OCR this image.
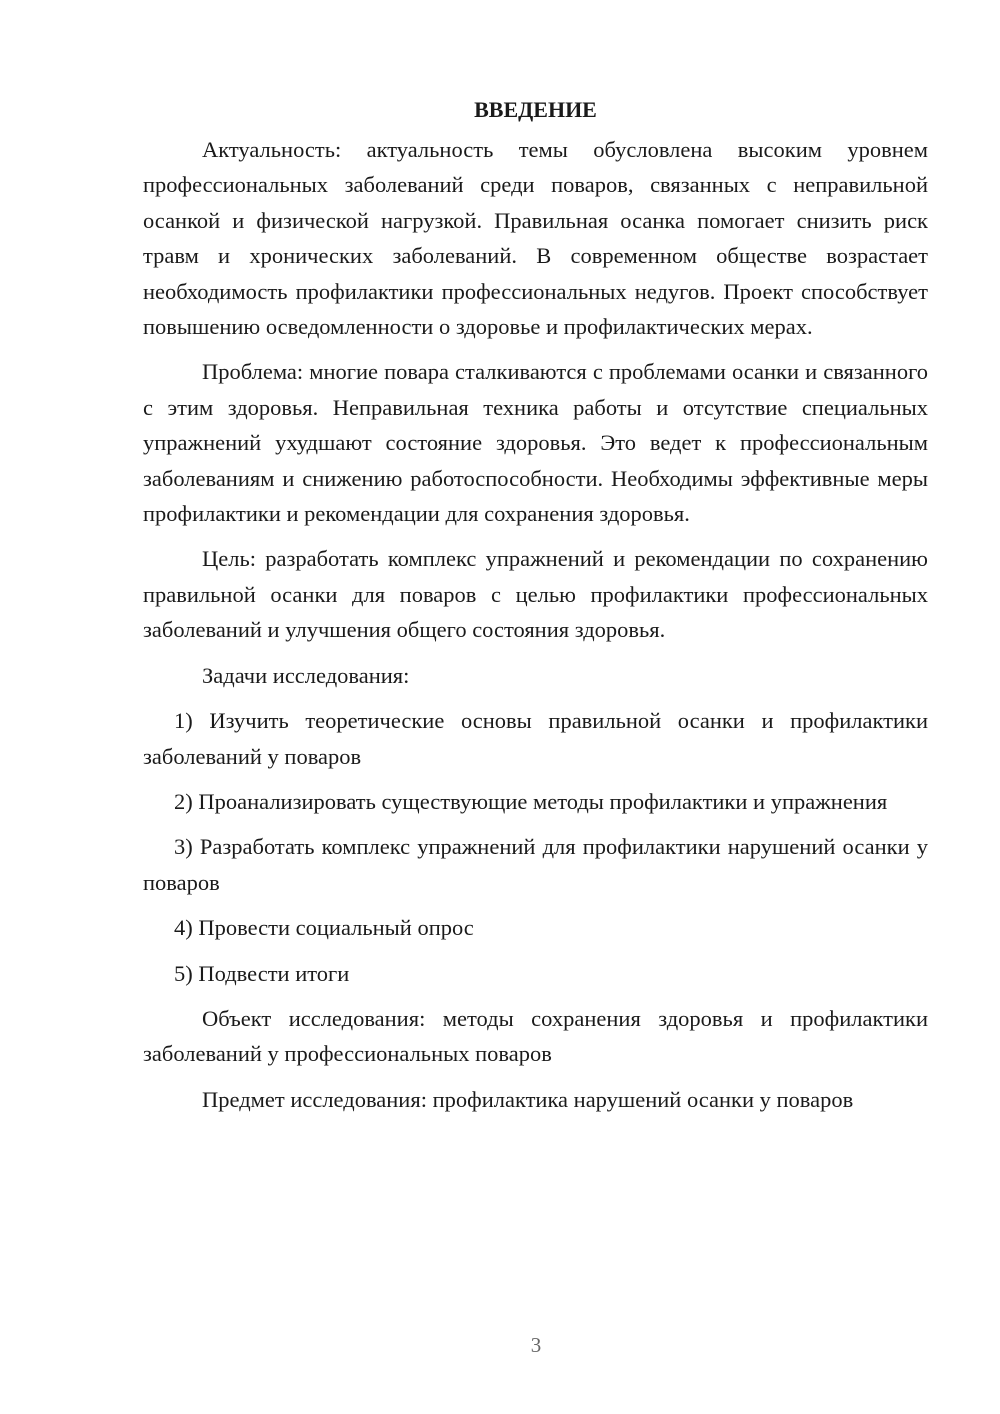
ВВЕДЕНИЕ

Актуальность: актуальность темы обусловлена высоким уровнем профессиональных заболеваний среди поваров, связанных с неправильной осанкой и физической нагрузкой. Правильная осанка помогает снизить риск травм и хронических заболеваний. В современном обществе возрастает необходимость профилактики профессиональных недугов. Проект способствует повышению осведомленности о здоровье и профилактических мерах.

Проблема: многие повара сталкиваются с проблемами осанки и связанного с этим здоровья. Неправильная техника работы и отсутствие специальных упражнений ухудшают состояние здоровья. Это ведет к профессиональным заболеваниям и снижению работоспособности. Необходимы эффективные меры профилактики и рекомендации для сохранения здоровья.

Цель: разработать комплекс упражнений и рекомендации по сохранению правильной осанки для поваров с целью профилактики профессиональных заболеваний и улучшения общего состояния здоровья.

Задачи исследования:

1) Изучить теоретические основы правильной осанки и профилактики заболеваний у поваров

2) Проанализировать существующие методы профилактики и упражнения

3) Разработать комплекс упражнений для профилактики нарушений осанки у поваров

4) Провести социальный опрос

5) Подвести итоги

Объект исследования: методы сохранения здоровья и профилактики заболеваний у профессиональных поваров

Предмет исследования: профилактика нарушений осанки у поваров

3
